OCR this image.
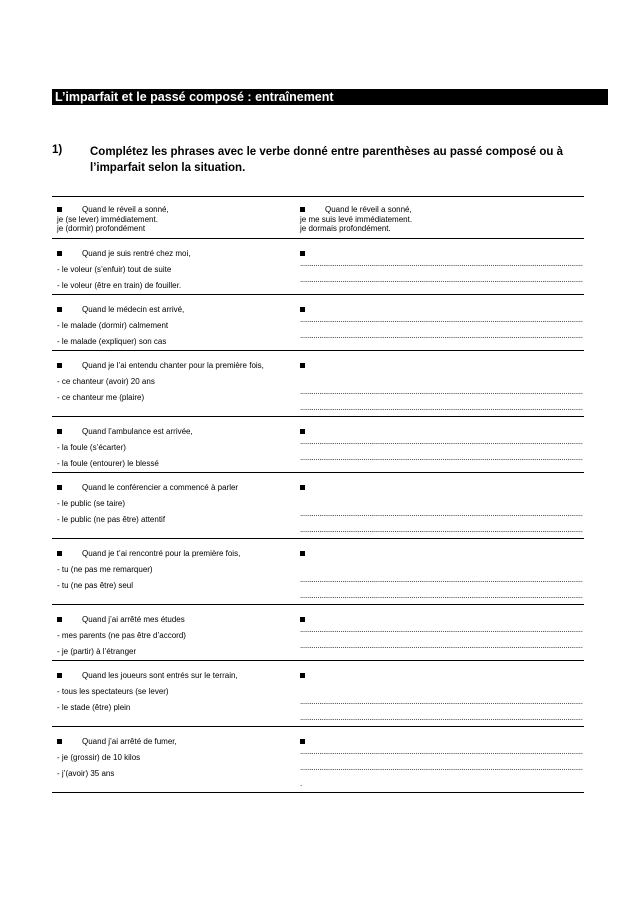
L’imparfait et le passé composé : entraînement
1) Complétez les phrases avec le verbe donné entre parenthèses au passé composé ou à l’imparfait selon la situation.
Quand le réveil a sonné,
je (se lever) immédiatement.
je (dormir) profondément
Quand le réveil a sonné,
je me suis levé immédiatement.
je dormais profondément.
Quand je suis rentré chez moi,
- le voleur (s’enfuir) tout de suite
- le voleur (être en train) de fouiller.
...................................................................................................................................................
...................................................................................................................................................
Quand le médecin est arrivé,
- le malade (dormir) calmement
- le malade (expliquer) son cas
...................................................................................................................................................
...................................................................................................................................................
Quand je l’ai entendu chanter pour la première fois,
- ce chanteur (avoir) 20 ans
- ce chanteur me (plaire)

...................................................................................................................................................
...................................................................................................................................................
Quand l’ambulance est arrivée,
- la foule (s’écarter)
- la foule (entourer) le blessé
...................................................................................................................................................
...................................................................................................................................................
Quand le conférencier a commencé à parler
- le public (se taire)
- le public (ne pas être) attentif

...................................................................................................................................................
...................................................................................................................................................
Quand je t’ai rencontré pour la première fois,
- tu (ne pas me remarquer)
- tu (ne pas être) seul

...................................................................................................................................................
...................................................................................................................................................
Quand j’ai arrêté mes études
- mes parents (ne pas être d’accord)
- je (partir) à l’étranger
...................................................................................................................................................
...................................................................................................................................................
Quand les joueurs sont entrés sur le terrain,
- tous les spectateurs (se lever)
- le stade (être) plein

...................................................................................................................................................
...................................................................................................................................................
Quand j’ai arrêté de fumer,
- je (grossir) de 10 kilos
- j’(avoir) 35 ans
...................................................................................................................................................
...................................................................................................................................................
.
